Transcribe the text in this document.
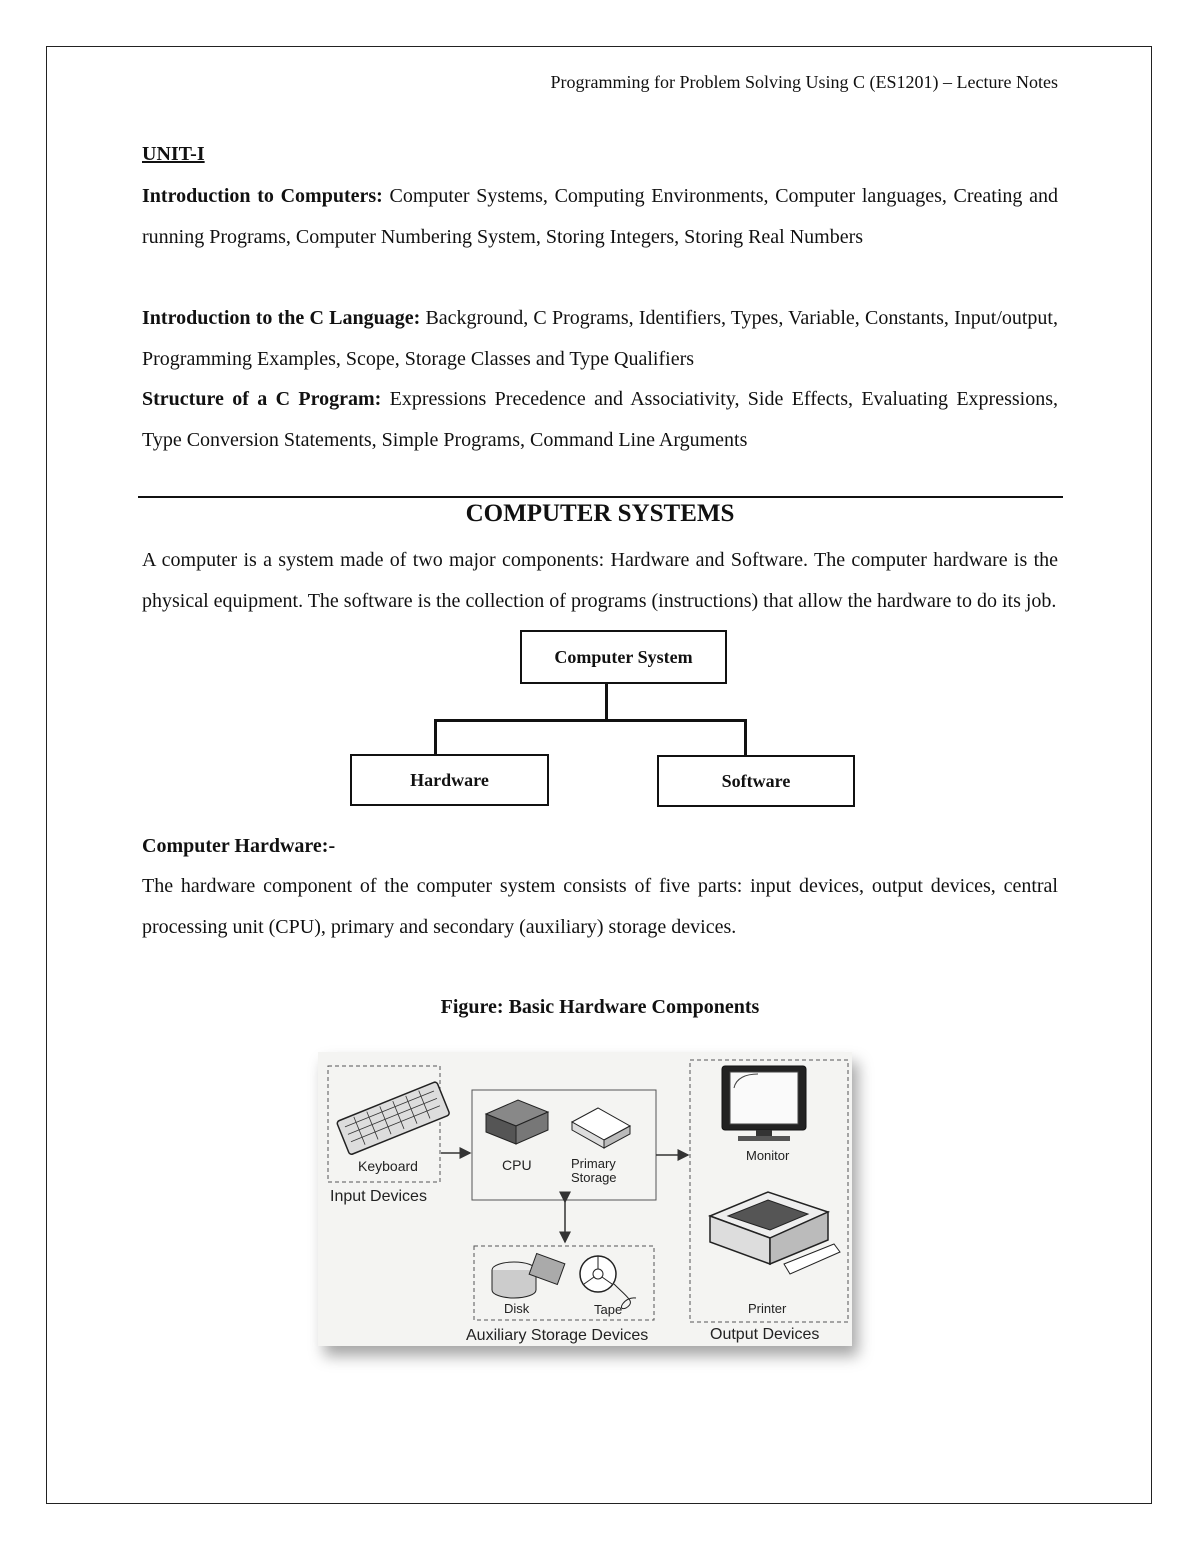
Programming for Problem Solving Using C (ES1201) – Lecture Notes
UNIT-I
Introduction to Computers: Computer Systems, Computing Environments, Computer languages, Creating and running Programs, Computer Numbering System, Storing Integers, Storing Real Numbers
Introduction to the C Language: Background, C Programs, Identifiers, Types, Variable, Constants, Input/output, Programming Examples, Scope, Storage Classes and Type Qualifiers
Structure of a C Program: Expressions Precedence and Associativity, Side Effects, Evaluating Expressions, Type Conversion Statements, Simple Programs, Command Line Arguments
COMPUTER SYSTEMS
A computer is a system made of two major components: Hardware and Software. The computer hardware is the physical equipment. The software is the collection of programs (instructions) that allow the hardware to do its job.
Computer System
Hardware	Software
Computer Hardware:-
The hardware component of the computer system consists of five parts: input devices, output devices, central processing unit (CPU), primary and secondary (auxiliary) storage devices.
Figure: Basic Hardware Components
Keyboard
Input Devices
CPU	Primary
Storage
Disk	Tape
Auxiliary Storage Devices
Monitor
Printer
Output Devices
